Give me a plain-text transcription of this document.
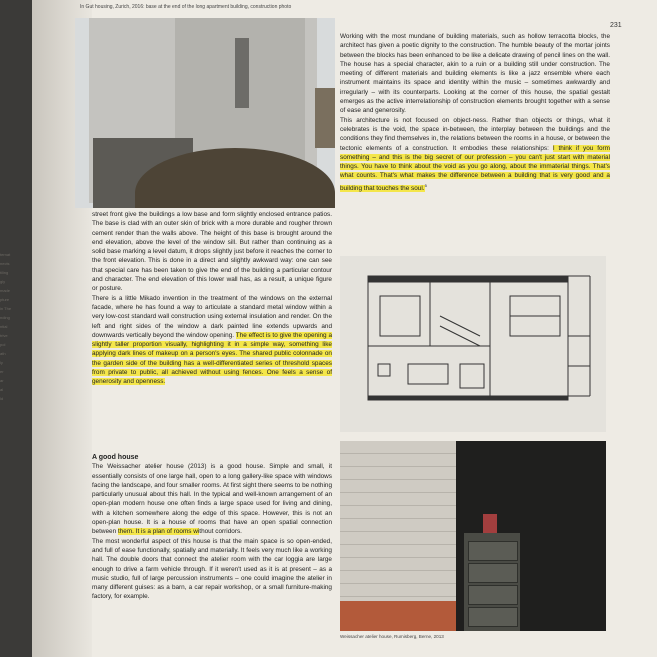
ternat
nects
tiling
gly
made
pture
in The
nding
ntial
trive
pol
ath
ly
er
ar
al
ld
In Gut housing, Zurich, 2016: base at the end of the long apartment building, construction photo
231

street front give the buildings a low base and form slightly enclosed entrance patios. The base is clad with an outer skin of brick with a more durable and rougher thrown cement render than the walls above. The height of this base is brought around the end elevation, above the level of the window sill. But rather than continuing as a solid base marking a level datum, it drops slightly just before it reaches the corner to the front elevation. This is done in a direct and slightly awkward way: one can see that special care has been taken to give the end of the building a particular contour and character. The end elevation of this lower wall has, as a result, a unique figure or posture.

There is a little Mikado invention in the treatment of the windows on the external facade, where he has found a way to articulate a standard metal window within a very low-cost standard wall construction using external insulation and render. On the left and right sides of the window a dark painted line extends upwards and downwards vertically beyond the window opening. The effect is to give the opening a slightly taller proportion visually, highlighting it in a simple way, something like applying dark lines of makeup on a person's eyes. The shared public colonnade on the garden side of the building has a well-differentiated series of threshold spaces from private to public, all achieved without using fences. One feels a sense of generosity and openness.

A good house

The Weissacher atelier house (2013) is a good house. Simple and small, it essentially consists of one large hall, open to a long gallery-like space with windows facing the landscape, and four smaller rooms. At first sight there seems to be nothing particularly unusual about this hall. In the typical and well-known arrangement of an open-plan modern house one often finds a large space used for living and dining, with a kitchen somewhere along the edge of this space. However, this is not an open-plan house. It is a house of rooms that have an open spatial connection between them. It is a plan of rooms without corridors.

The most wonderful aspect of this house is that the main space is so open-ended, and full of ease functionally, spatially and materially. It feels very much like a working hall. The double doors that connect the atelier room with the car loggia are large enough to drive a farm vehicle through. If it weren't used as it is at present – as a music studio, full of large percussion instruments – one could imagine the atelier in many different guises: as a barn, a car repair workshop, or a small furniture-making factory, for example.

Working with the most mundane of building materials, such as hollow terracotta blocks, the architect has given a poetic dignity to the construction. The humble beauty of the mortar joints between the blocks has been enhanced to be like a delicate drawing of pencil lines on the wall. The house has a special character, akin to a ruin or a building still under construction. The meeting of different materials and building elements is like a jazz ensemble where each instrument maintains its space and identity within the music – sometimes awkwardly and irregularly – with its counterparts. Looking at the corner of this house, the spatial gestalt emerges as the active interrelationship of construction elements brought together with a sense of ease and generosity.

This architecture is not focused on object-ness. Rather than objects or things, what it celebrates is the void, the space in-between, the interplay between the buildings and the conditions they find themselves in, the relations between the rooms in a house, or between the tectonic elements of a construction. It embodies these relationships: I think if you form something – and this is the big secret of our profession – you can't just start with material things. You have to think about the void as you go along, about the immaterial things. That's what counts. That's what makes the difference between a building that is very good and a building that touches the soul.$^5$

Weissacher atelier house, Rumisberg, Berne, 2013
